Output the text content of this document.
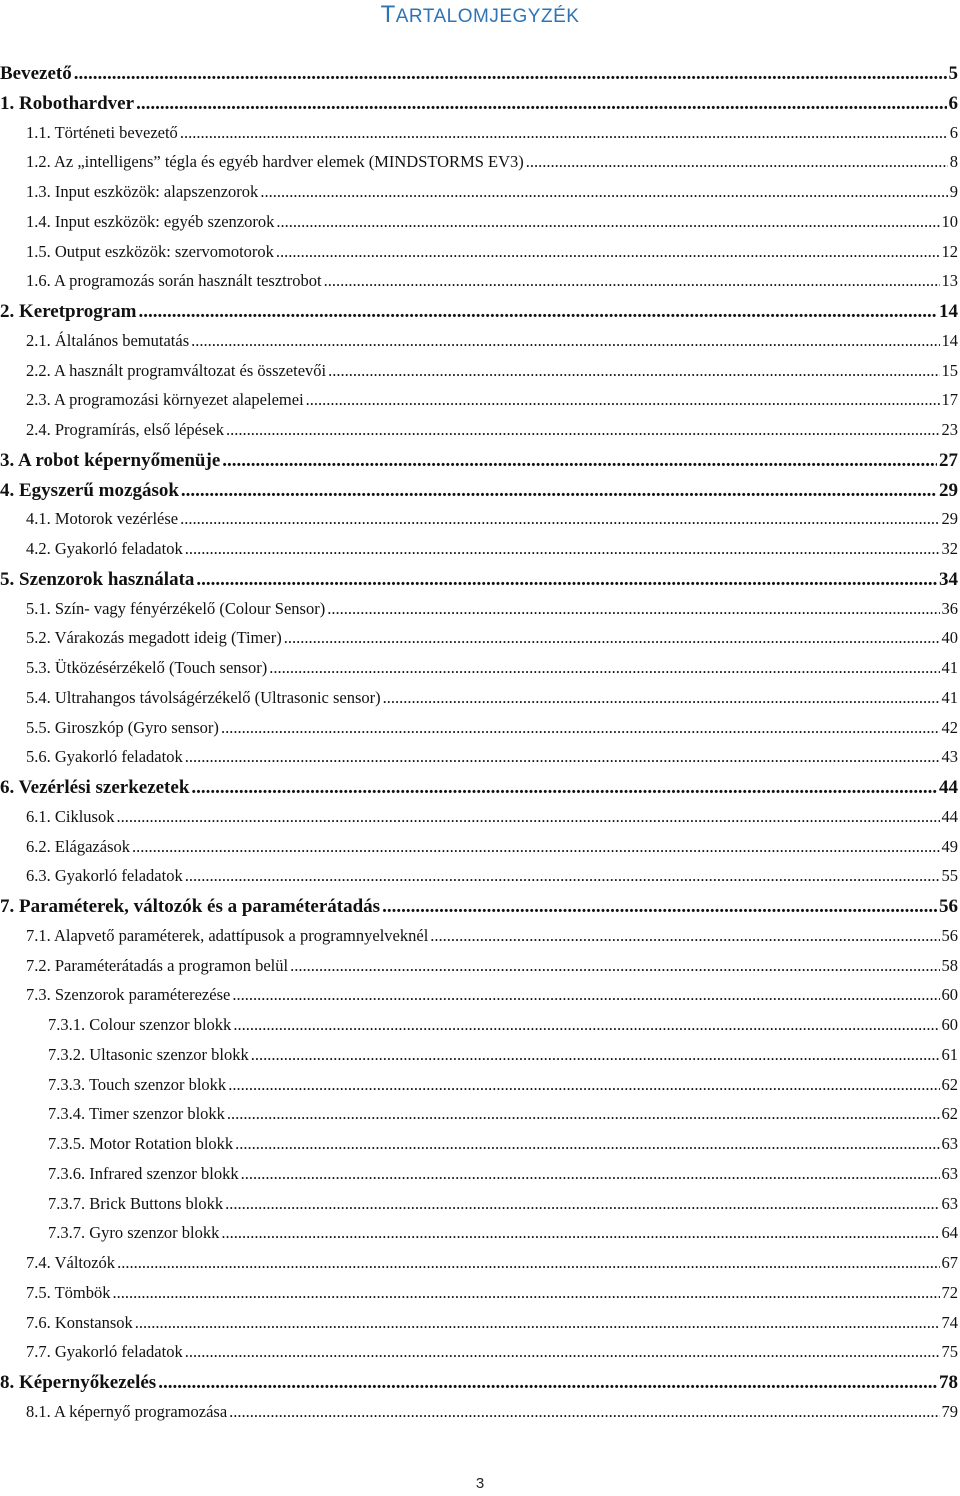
TARTALOMJEGYZÉK
Bevezető .....	5
1. Robothardver .....	6
1.1. Történeti bevezető .....	6
1.2. Az „intelligens” tégla és egyéb hardver elemek (MINDSTORMS EV3) .....	8
1.3. Input eszközök: alapszenzorok .....	9
1.4. Input eszközök: egyéb szenzorok .....	10
1.5. Output eszközök: szervomotorok .....	12
1.6. A programozás során használt tesztrobot .....	13
2. Keretprogram .....	14
2.1. Általános bemutatás .....	14
2.2. A használt programváltozat és összetevői .....	15
2.3. A programozási környezet alapelemei .....	17
2.4. Programírás, első lépések .....	23
3. A robot képernyőmenüje .....	27
4. Egyszerű mozgások .....	29
4.1. Motorok vezérlése .....	29
4.2. Gyakorló feladatok .....	32
5. Szenzorok használata .....	34
5.1. Szín- vagy fényérzékelő (Colour Sensor) .....	36
5.2. Várakozás megadott ideig (Timer) .....	40
5.3. Ütközésérzékelő (Touch sensor) .....	41
5.4. Ultrahangos távolságérzékelő (Ultrasonic sensor) .....	41
5.5. Giroszkóp (Gyro sensor) .....	42
5.6. Gyakorló feladatok .....	43
6. Vezérlési szerkezetek .....	44
6.1. Ciklusok .....	44
6.2. Elágazások .....	49
6.3. Gyakorló feladatok .....	55
7. Paraméterek, változók és a paraméterátadás .....	56
7.1. Alapvető paraméterek, adattípusok a programnyelveknél .....	56
7.2. Paraméterátadás a programon belül .....	58
7.3. Szenzorok paraméterezése .....	60
7.3.1. Colour szenzor blokk .....	60
7.3.2. Ultasonic szenzor blokk .....	61
7.3.3. Touch szenzor blokk .....	62
7.3.4. Timer szenzor blokk .....	62
7.3.5. Motor Rotation blokk .....	63
7.3.6. Infrared szenzor blokk .....	63
7.3.7. Brick Buttons blokk .....	63
7.3.7. Gyro szenzor blokk .....	64
7.4. Változók .....	67
7.5. Tömbök .....	72
7.6. Konstansok .....	74
7.7. Gyakorló feladatok .....	75
8. Képernyőkezelés .....	78
8.1. A képernyő programozása .....	79
3
